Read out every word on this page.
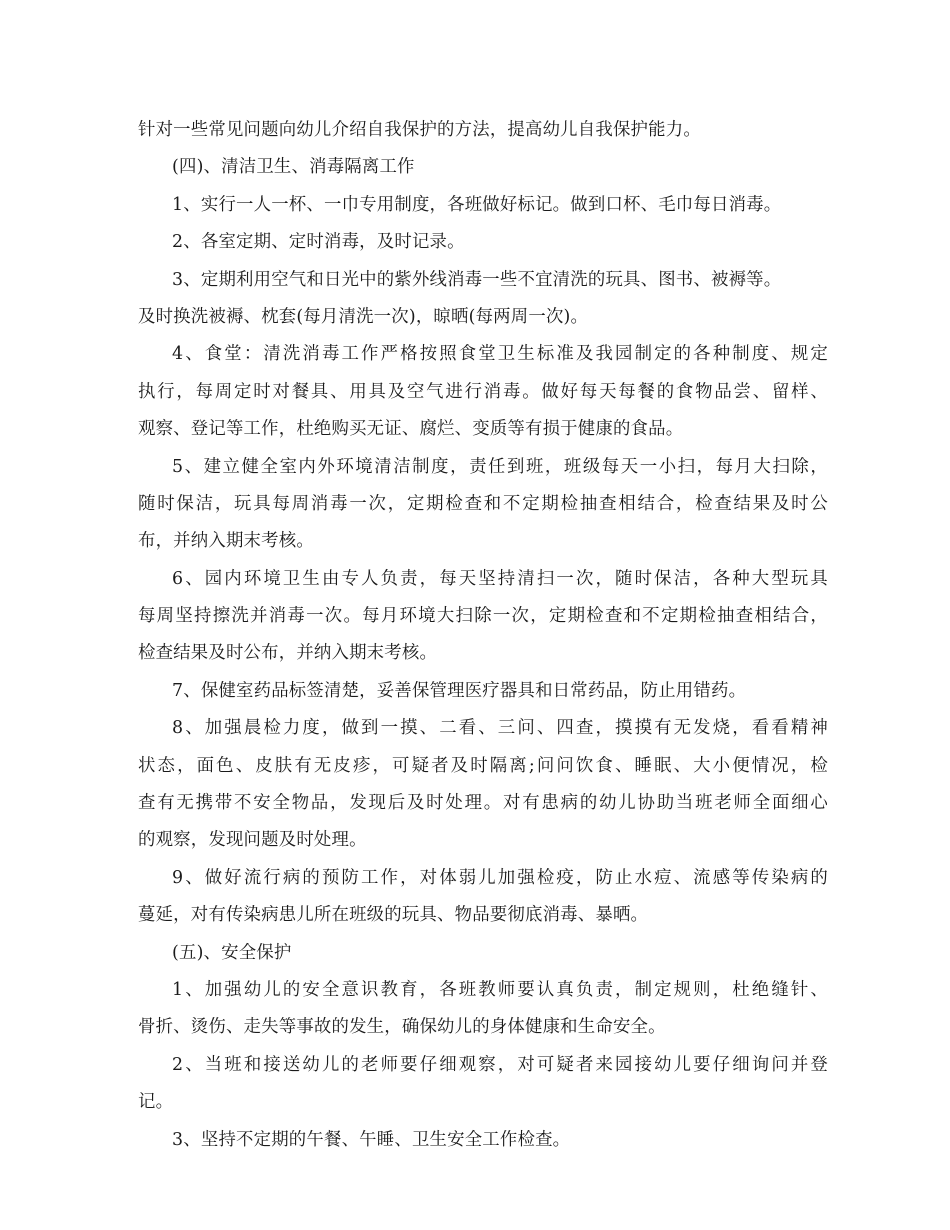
针对一些常见问题向幼儿介绍自我保护的方法，提高幼儿自我保护能力。
(四)、清洁卫生、消毒隔离工作
1、实行一人一杯、一巾专用制度，各班做好标记。做到口杯、毛巾每日消毒。
2、各室定期、定时消毒，及时记录。
3、定期利用空气和日光中的紫外线消毒一些不宜清洗的玩具、图书、被褥等。
及时换洗被褥、枕套(每月清洗一次)，晾晒(每两周一次)。
4、食堂：清洗消毒工作严格按照食堂卫生标准及我园制定的各种制度、规定
执行，每周定时对餐具、用具及空气进行消毒。做好每天每餐的食物品尝、留样、
观察、登记等工作，杜绝购买无证、腐烂、变质等有损于健康的食品。
5、建立健全室内外环境清洁制度，责任到班，班级每天一小扫，每月大扫除，
随时保洁，玩具每周消毒一次，定期检查和不定期检抽查相结合，检查结果及时公
布，并纳入期末考核。
6、园内环境卫生由专人负责，每天坚持清扫一次，随时保洁，各种大型玩具
每周坚持擦洗并消毒一次。每月环境大扫除一次，定期检查和不定期检抽查相结合，
检查结果及时公布，并纳入期末考核。
7、保健室药品标签清楚，妥善保管理医疗器具和日常药品，防止用错药。
8、加强晨检力度，做到一摸、二看、三问、四查，摸摸有无发烧，看看精神
状态，面色、皮肤有无皮疹，可疑者及时隔离;问问饮食、睡眠、大小便情况，检
查有无携带不安全物品，发现后及时处理。对有患病的幼儿协助当班老师全面细心
的观察，发现问题及时处理。
9、做好流行病的预防工作，对体弱儿加强检疫，防止水痘、流感等传染病的
蔓延，对有传染病患儿所在班级的玩具、物品要彻底消毒、暴晒。
(五)、安全保护
1、加强幼儿的安全意识教育，各班教师要认真负责，制定规则，杜绝缝针、
骨折、烫伤、走失等事故的发生，确保幼儿的身体健康和生命安全。
2、当班和接送幼儿的老师要仔细观察，对可疑者来园接幼儿要仔细询问并登
记。
3、坚持不定期的午餐、午睡、卫生安全工作检查。
